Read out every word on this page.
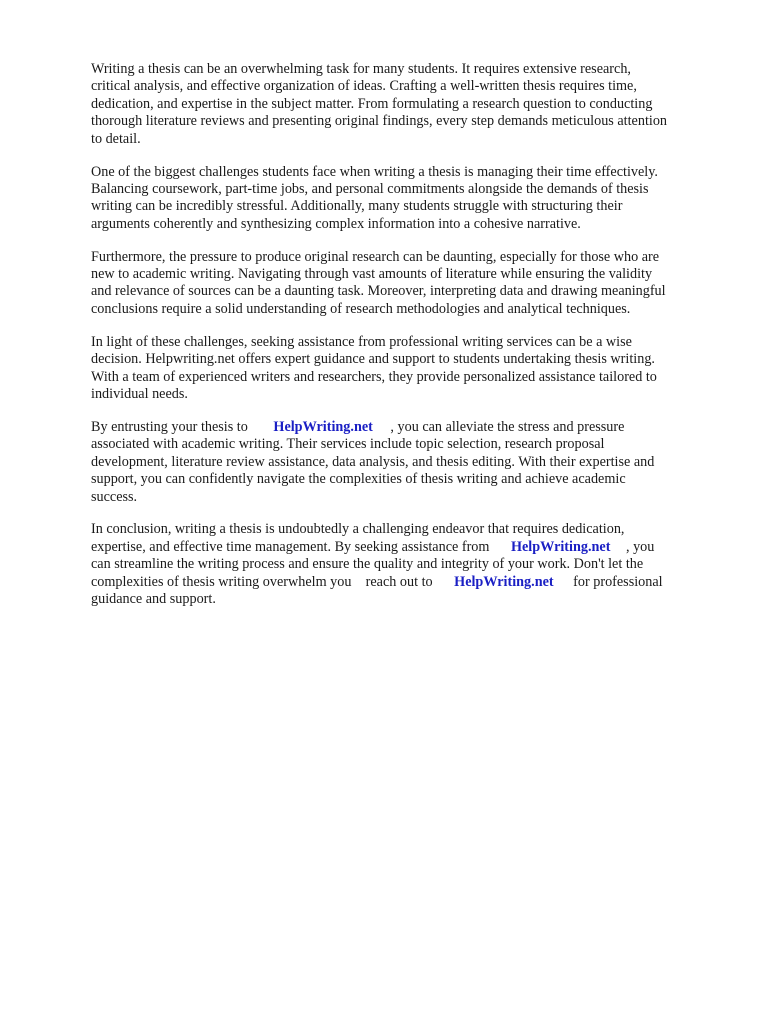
Writing a thesis can be an overwhelming task for many students. It requires extensive research,
critical analysis, and effective organization of ideas. Crafting a well-written thesis requires time,
dedication, and expertise in the subject matter. From formulating a research question to conducting
thorough literature reviews and presenting original findings, every step demands meticulous attention
to detail.

One of the biggest challenges students face when writing a thesis is managing their time effectively.
Balancing coursework, part-time jobs, and personal commitments alongside the demands of thesis
writing can be incredibly stressful. Additionally, many students struggle with structuring their
arguments coherently and synthesizing complex information into a cohesive narrative.

Furthermore, the pressure to produce original research can be daunting, especially for those who are
new to academic writing. Navigating through vast amounts of literature while ensuring the validity
and relevance of sources can be a daunting task. Moreover, interpreting data and drawing meaningful
conclusions require a solid understanding of research methodologies and analytical techniques.

In light of these challenges, seeking assistance from professional writing services can be a wise
decision. Helpwriting.net offers expert guidance and support to students undertaking thesis writing.
With a team of experienced writers and researchers, they provide personalized assistance tailored to
individual needs.

By entrusting your thesis to HelpWriting.net , you can alleviate the stress and pressure
associated with academic writing. Their services include topic selection, research proposal
development, literature review assistance, data analysis, and thesis editing. With their expertise and
support, you can confidently navigate the complexities of thesis writing and achieve academic
success.

In conclusion, writing a thesis is undoubtedly a challenging endeavor that requires dedication,
expertise, and effective time management. By seeking assistance from HelpWriting.net , you
can streamline the writing process and ensure the quality and integrity of your work. Don't let the
complexities of thesis writing overwhelm you    reach out to HelpWriting.net for professional
guidance and support.
